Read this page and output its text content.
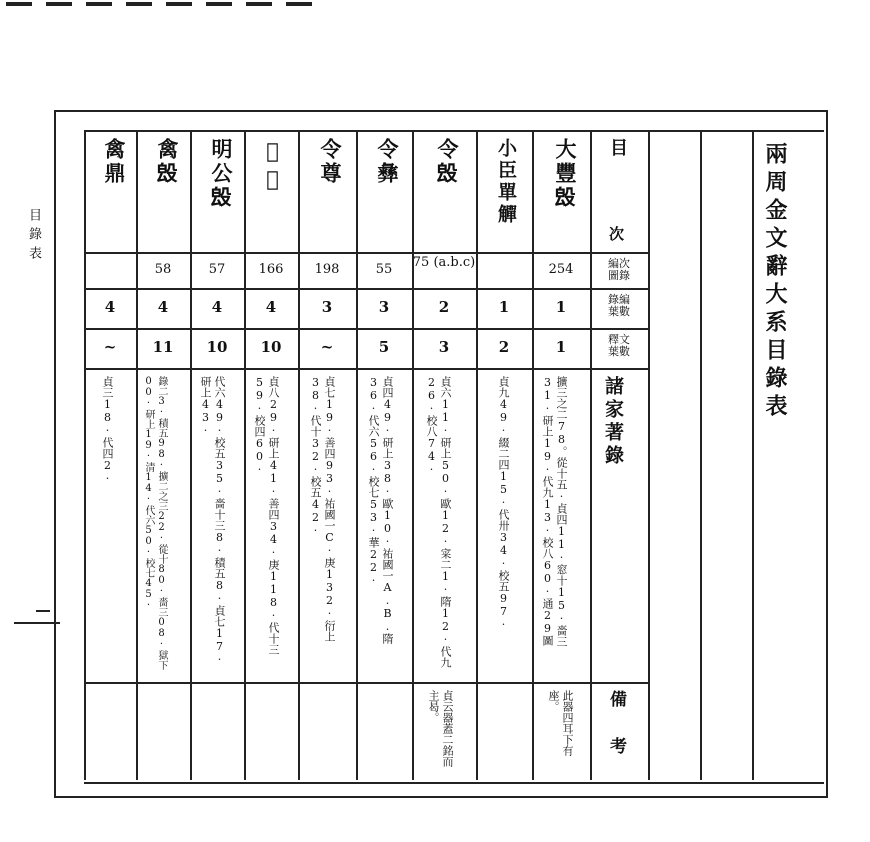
目錄表	兩周金文辭大系目錄表
目
次
編次
圖錄
錄編
葉數
釋文
葉數
諸家著錄
備考
大豐𣪕
254
1
1
擴三之二78。從十五·貞四11·窓十15·嗇三31·研上19·代九13·校八60·通29圖
此器四耳下有座。
小臣單觶
1
2
貞九49·綴二四15·代卅34·校五97·
令𣪕
75 (a.b.c)
2
3
貞六11·研上50·歐12·寀二1·隋12·代九26·校八74·
貞云器蓋二銘而主曷。
令彝
55
3
5
貞四49·研上38·歐10·祐國一A.B.隋36·代六56·校七53·華22·
令尊
198
3
~
貞七19·善四93·祐國一C·庚132·衍上38·代十32·校五42·
𡧊卣
166
4
10
貞八29·研上41·善四34·庚118·代十三59·校四60·
明公𣪕
57
4
10
代六49·校五35·嗇十三8·積五8·貞七17·研上43·
禽𣪕
58
4
11
錄二3·積五98·擴二之三22·從十80·嗇三08·獄下00·研上19·清14·代六50·校七45·
禽鼎
4
~
貞三18·代四2·
